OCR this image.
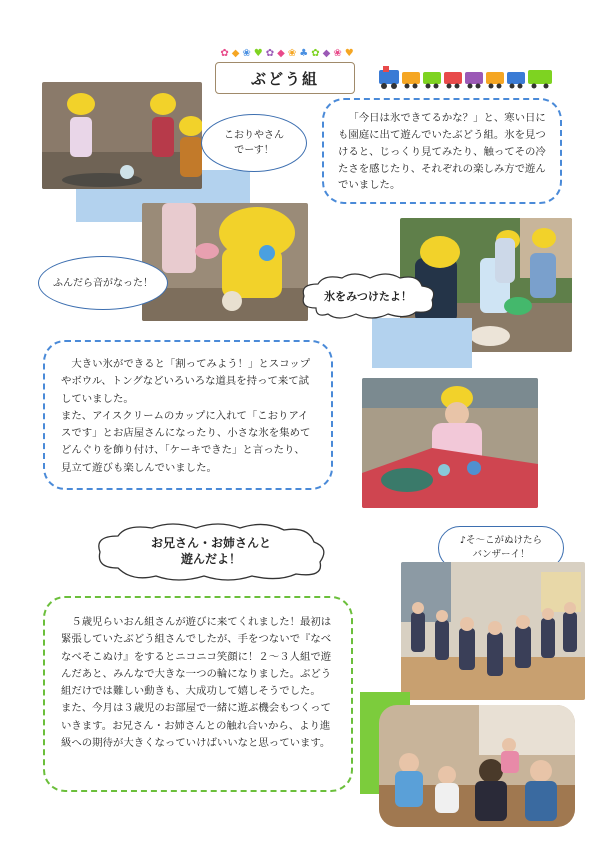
✿ ◆ ❀ ♥ ✿ ◆ ❀ ♣ ✿ ◆ ❀ ♥
ぶどう組
こおりやさん
でーす！

「今日は氷できてるかな？」と、寒い日にも園庭に出て遊んでいたぶどう組。氷を見つけると、じっくり見てみたり、触ってその冷たさを感じたり、それぞれの楽しみ方で遊んでいました。

ふんだら音がなった！
氷をみつけたよ！

大きい氷ができると「割ってみよう！」とスコップやボウル、トングなどいろいろな道具を持って来て試していました。
また、アイスクリームのカップに入れて「こおりアイスです」とお店屋さんになったり、小さな氷を集めてどんぐりを飾り付け、「ケーキできた」と言ったり、見立て遊びも楽しんでいました。

お兄さん・お姉さんと
遊んだよ！
♪そ〜こがぬけたら
バンザーイ！

５歳児らいおん組さんが遊びに来てくれました！最初は緊張していたぶどう組さんでしたが、手をつないで『なべなべそこぬけ』をするとニコニコ笑顔に！２〜３人組で遊んだあと、みんなで大きな一つの輪になりました。ぶどう組だけでは難しい動きも、大成功して嬉しそうでした。
また、今月は３歳児のお部屋で一緒に遊ぶ機会もつくっていきます。お兄さん・お姉さんとの触れ合いから、より進級への期待が大きくなっていけばいいなと思っています。
